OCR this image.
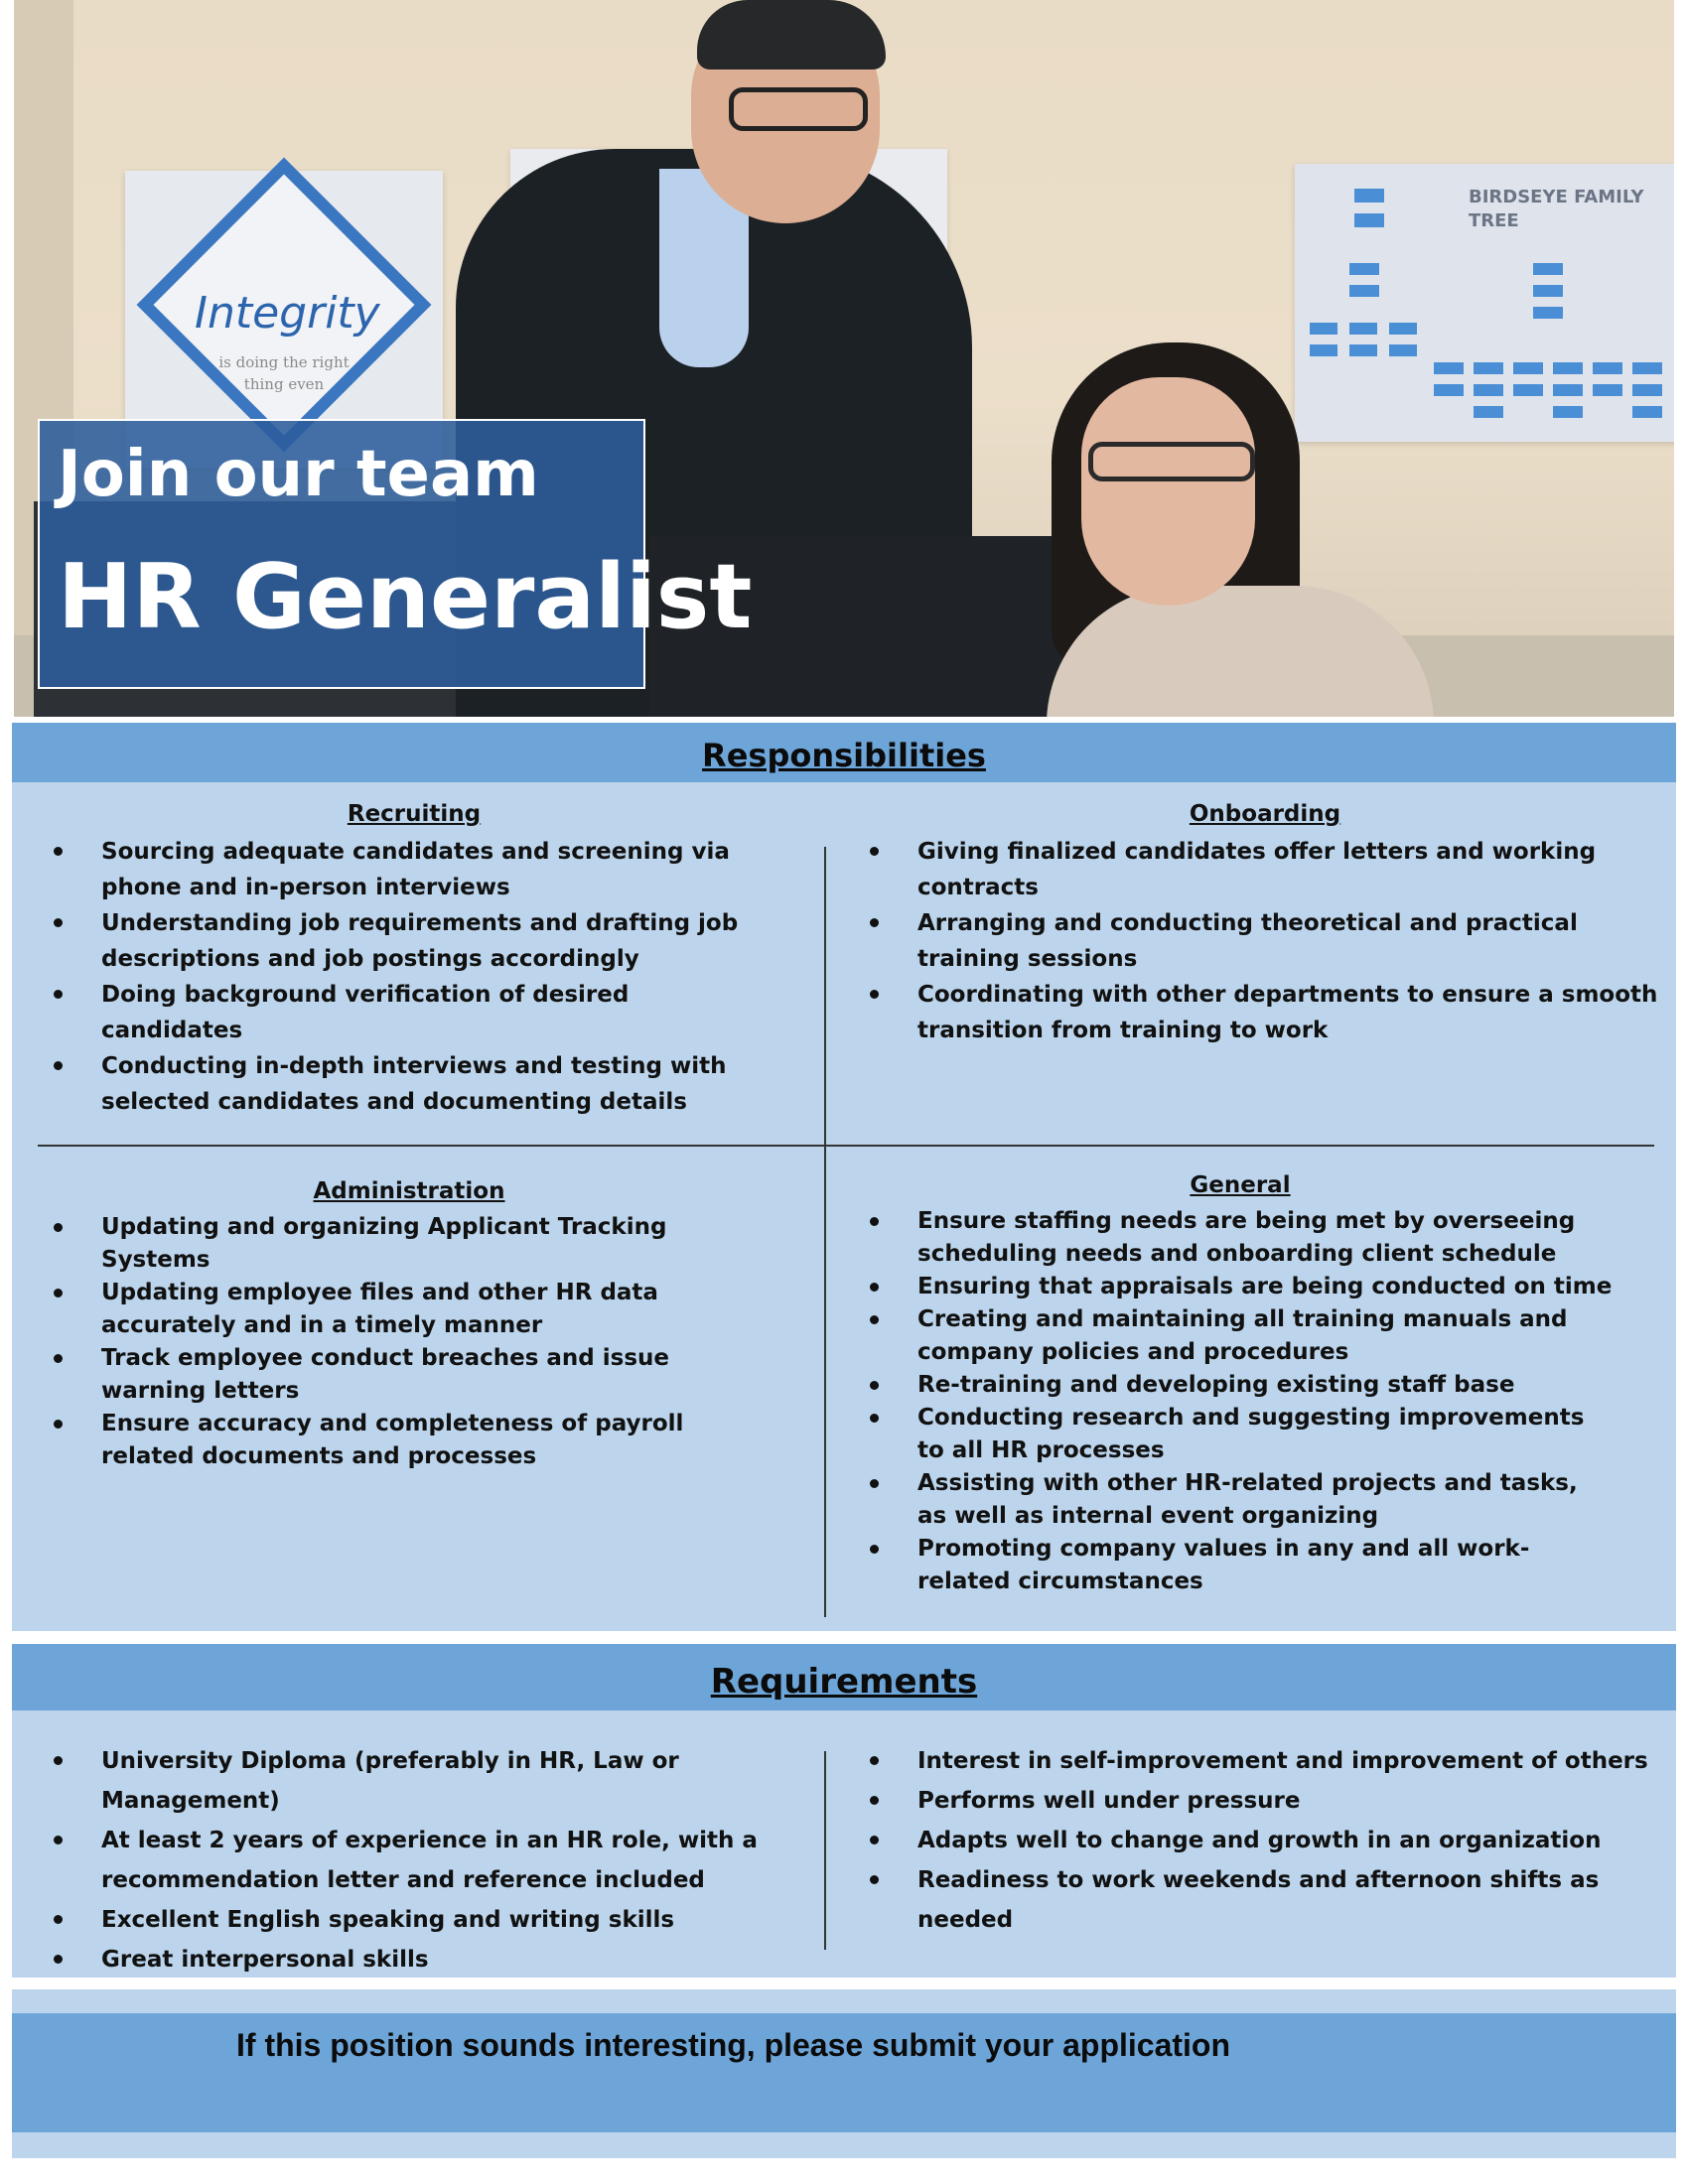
Integrity
is doing the right thing even
BIRDSEYE FAMILY TREE
Join our team
HR Generalist
Responsibilities
Recruiting
Sourcing adequate candidates and screening via phone and in-person interviews
Understanding job requirements and drafting job descriptions and job postings accordingly
Doing background verification of desired candidates
Conducting in-depth interviews and testing with selected candidates and documenting details
Onboarding
Giving finalized candidates offer letters and working contracts
Arranging and conducting theoretical and practical training sessions
Coordinating with other departments to ensure a smooth transition from training to work
Administration
Updating and organizing Applicant Tracking Systems
Updating employee files and other HR data accurately and in a timely manner
Track employee conduct breaches and issue warning letters
Ensure accuracy and completeness of payroll related documents and processes
General
Ensure staffing needs are being met by overseeing scheduling needs and onboarding client schedule
Ensuring that appraisals are being conducted on time
Creating and maintaining all training manuals and company policies and procedures
Re-training and developing existing staff base
Conducting research and suggesting improvements to all HR processes
Assisting with other HR-related projects and tasks, as well as internal event organizing
Promoting company values in any and all work-related circumstances
Requirements
University Diploma (preferably in HR, Law or Management)
At least 2 years of experience in an HR role, with a recommendation letter and reference included
Excellent English speaking and writing skills
Great interpersonal skills
Interest in self-improvement and improvement of others
Performs well under pressure
Adapts well to change and growth in an organization
Readiness to work weekends and afternoon shifts as needed
If this position sounds interesting, please submit your application
